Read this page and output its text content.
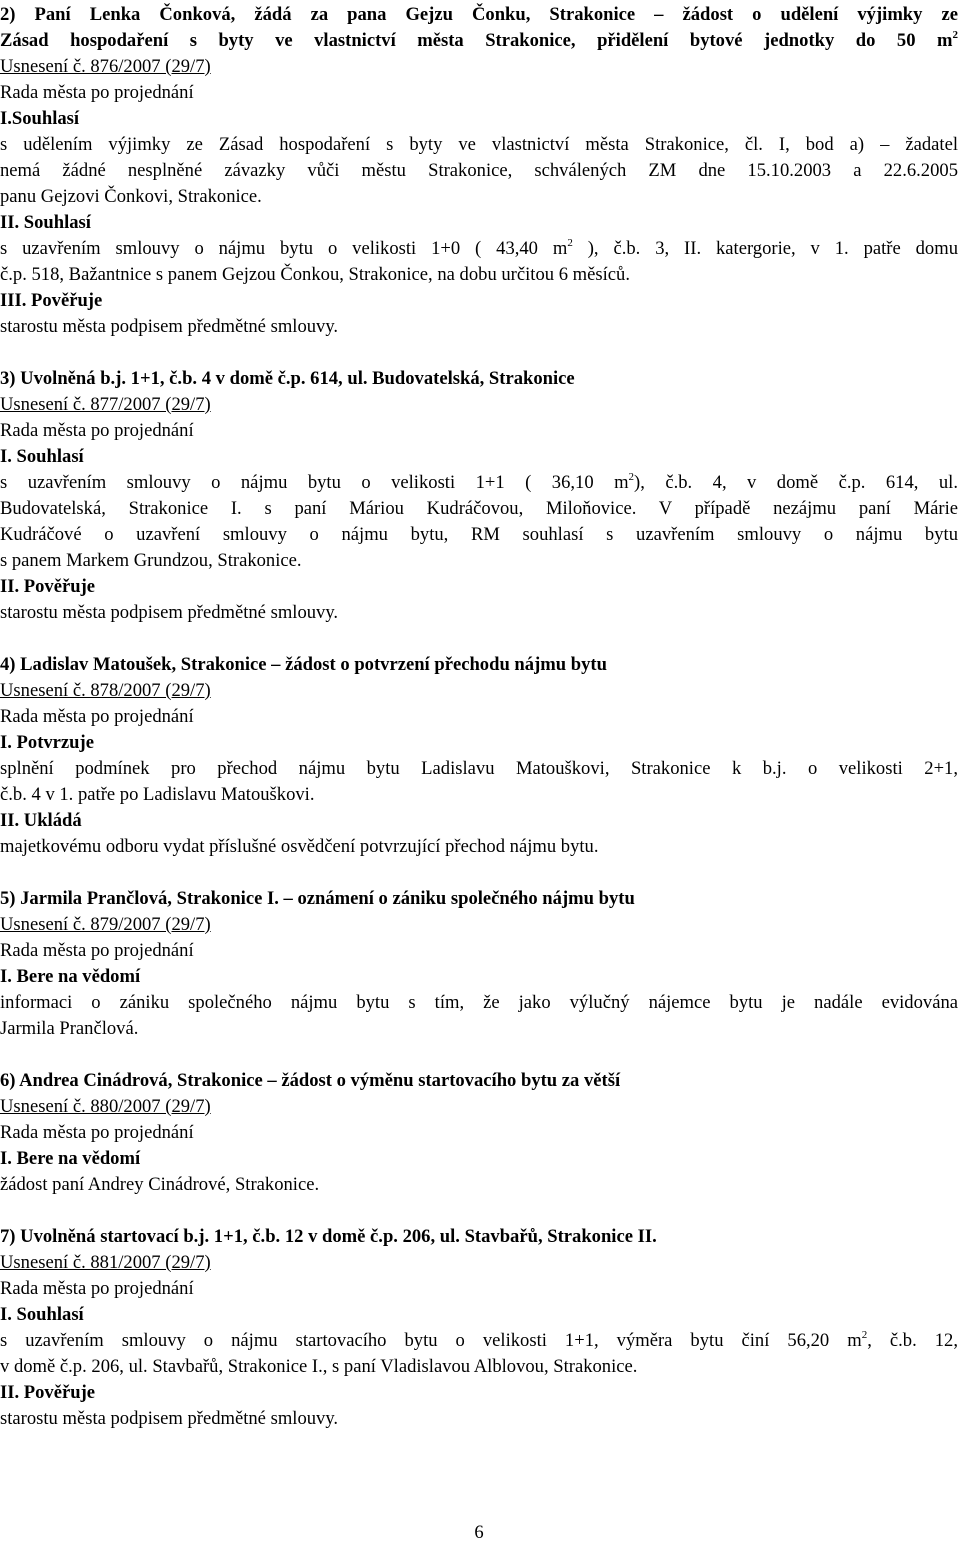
2) Paní Lenka Čonková, žádá za pana Gejzu Čonku, Strakonice – žádost o udělení výjimky ze

Zásad hospodaření s byty ve vlastnictví města Strakonice, přidělení bytové jednotky do 50 $m^2$

Usnesení č. 876/2007 (29/7)

Rada města po projednání

I.Souhlasí

s udělením výjimky ze Zásad hospodaření s byty ve vlastnictví města Strakonice, čl. I, bod a) – žadatel

nemá žádné nesplněné závazky vůči městu Strakonice, schválených ZM dne 15.10.2003 a 22.6.2005

panu Gejzovi Čonkovi, Strakonice.

II. Souhlasí

s uzavřením smlouvy o nájmu bytu o velikosti 1+0 ( 43,40 $m^2$ ), č.b. 3, II. katergorie, v 1. patře domu

č.p. 518, Bažantnice s panem Gejzou Čonkou, Strakonice, na dobu určitou 6 měsíců.

III. Pověřuje

starostu města podpisem předmětné smlouvy.

3) Uvolněná b.j. 1+1, č.b. 4 v domě č.p. 614, ul. Budovatelská, Strakonice

Usnesení č. 877/2007 (29/7)

Rada města po projednání

I. Souhlasí

s uzavřením smlouvy o nájmu bytu o velikosti 1+1 ( 36,10 $m^2$), č.b. 4, v domě č.p. 614, ul.

Budovatelská, Strakonice I. s paní Máriou Kudráčovou, Miloňovice. V případě nezájmu paní Márie

Kudráčové o uzavření smlouvy o nájmu bytu, RM souhlasí s uzavřením smlouvy o nájmu bytu

s panem Markem Grundzou, Strakonice.

II. Pověřuje

starostu města podpisem předmětné smlouvy.

4) Ladislav Matoušek, Strakonice – žádost o potvrzení přechodu nájmu bytu

Usnesení č. 878/2007 (29/7)

Rada města po projednání

I. Potvrzuje

splnění podmínek pro přechod nájmu bytu Ladislavu Matouškovi, Strakonice k b.j. o velikosti 2+1,

č.b. 4 v 1. patře po Ladislavu Matouškovi.

II. Ukládá

majetkovému odboru vydat příslušné osvědčení potvrzující přechod nájmu bytu.

5) Jarmila Prančlová, Strakonice I. – oznámení o zániku společného nájmu bytu

Usnesení č. 879/2007 (29/7)

Rada města po projednání

I. Bere na vědomí

informaci o zániku společného nájmu bytu s tím, že jako výlučný nájemce bytu je nadále evidována

Jarmila Prančlová.

6) Andrea Cinádrová, Strakonice – žádost o výměnu startovacího bytu za větší

Usnesení č. 880/2007 (29/7)

Rada města po projednání

I. Bere na vědomí

žádost paní Andrey Cinádrové, Strakonice.

7) Uvolněná startovací b.j. 1+1, č.b. 12 v domě č.p. 206, ul. Stavbařů, Strakonice II.

Usnesení č. 881/2007 (29/7)

Rada města po projednání

I. Souhlasí

s uzavřením smlouvy o nájmu startovacího bytu o velikosti 1+1, výměra bytu činí 56,20 $m^2$, č.b. 12,

v domě č.p. 206, ul. Stavbařů, Strakonice I., s paní Vladislavou Alblovou, Strakonice.

II. Pověřuje

starostu města podpisem předmětné smlouvy.

6
